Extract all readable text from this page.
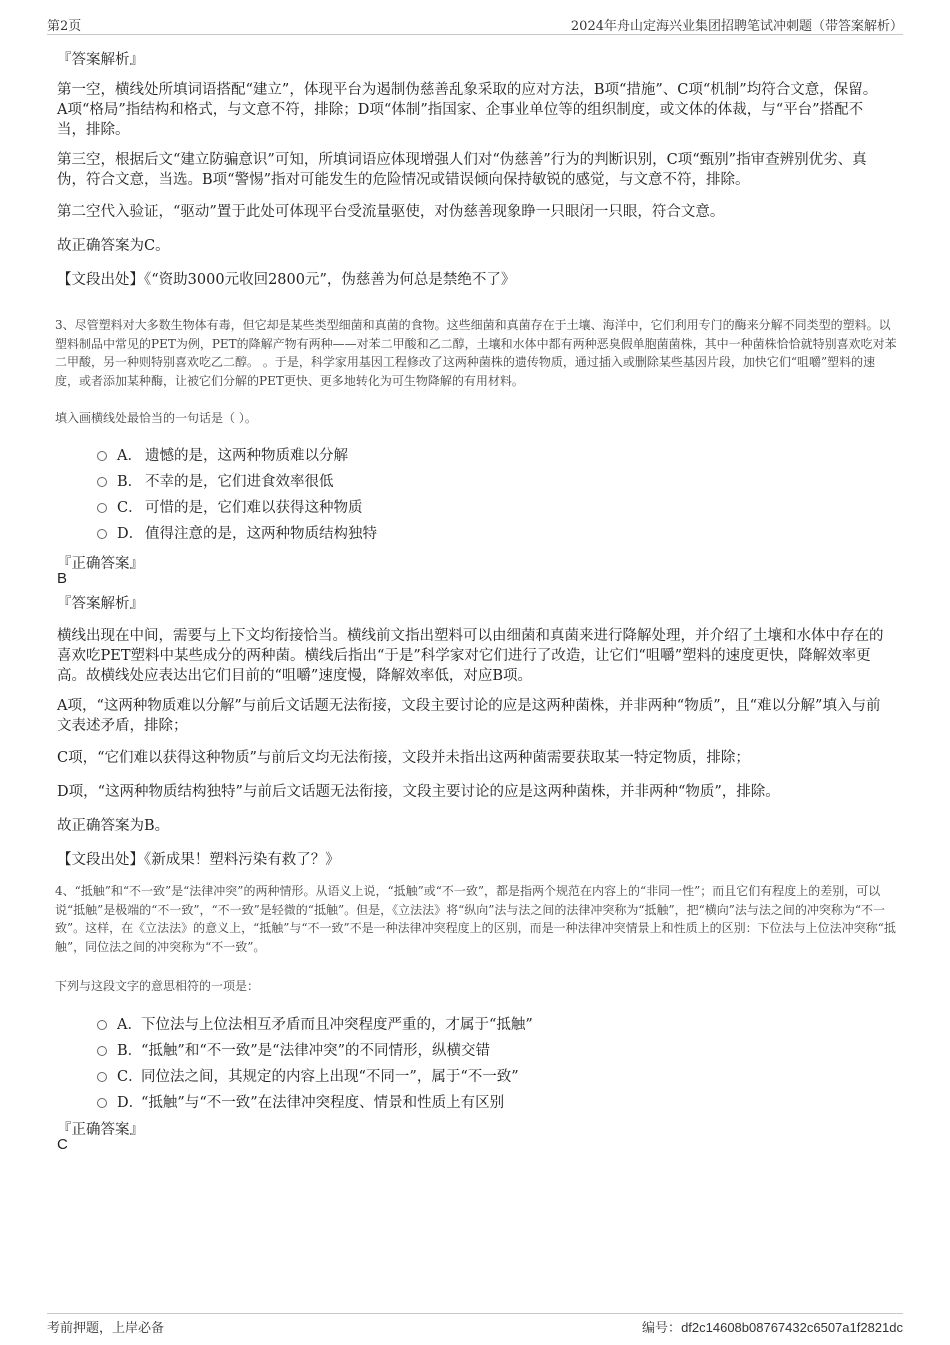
第2页	2024年舟山定海兴业集团招聘笔试冲刺题（带答案解析）
『答案解析』
第一空，横线处所填词语搭配“建立”，体现平台为遏制伪慈善乱象采取的应对方法，B项“措施”、C项“机制”均符合文意，保留。A项“格局”指结构和格式，与文意不符，排除；D项“体制”指国家、企事业单位等的组织制度，或文体的体裁，与“平台”搭配不当，排除。
第三空，根据后文“建立防骗意识”可知，所填词语应体现增强人们对“伪慈善”行为的判断识别，C项“甄别”指审查辨别优劣、真伪，符合文意，当选。B项“警惕”指对可能发生的危险情况或错误倾向保持敏锐的感觉，与文意不符，排除。
第二空代入验证，“驱动”置于此处可体现平台受流量驱使，对伪慈善现象睁一只眼闭一只眼，符合文意。
故正确答案为C。
【文段出处】《“资助3000元收回2800元”，伪慈善为何总是禁绝不了》
3、尽管塑料对大多数生物体有毒，但它却是某些类型细菌和真菌的食物。这些细菌和真菌存在于土壤、海洋中，它们利用专门的酶来分解不同类型的塑料。以塑料制品中常见的PET为例，PET的降解产物有两种——对苯二甲酸和乙二醇，土壤和水体中都有两种恶臭假单胞菌菌株，其中一种菌株恰恰就特别喜欢吃对苯二甲酸，另一种则特别喜欢吃乙二醇。 。于是，科学家用基因工程修改了这两种菌株的遗传物质，通过插入或删除某些基因片段，加快它们“咀嚼”塑料的速度，或者添加某种酶，让被它们分解的PET更快、更多地转化为可生物降解的有用材料。
填入画横线处最恰当的一句话是（ ）。
A． 遗憾的是，这两种物质难以分解
B． 不幸的是，它们进食效率很低
C． 可惜的是，它们难以获得这种物质
D． 值得注意的是，这两种物质结构独特
『正确答案』
B
『答案解析』
横线出现在中间，需要与上下文均衔接恰当。横线前文指出塑料可以由细菌和真菌来进行降解处理，并介绍了土壤和水体中存在的喜欢吃PET塑料中某些成分的两种菌。横线后指出“于是”科学家对它们进行了改造，让它们“咀嚼”塑料的速度更快，降解效率更高。故横线处应表达出它们目前的“咀嚼”速度慢，降解效率低，对应B项。
A项，“这两种物质难以分解”与前后文话题无法衔接，文段主要讨论的应是这两种菌株，并非两种“物质”，且“难以分解”填入与前文表述矛盾，排除；
C项，“它们难以获得这种物质”与前后文均无法衔接，文段并未指出这两种菌需要获取某一特定物质，排除；
D项，“这两种物质结构独特”与前后文话题无法衔接，文段主要讨论的应是这两种菌株，并非两种“物质”，排除。
故正确答案为B。
【文段出处】《新成果！塑料污染有救了？》
4、“抵触”和“不一致”是“法律冲突”的两种情形。从语义上说，“抵触”或“不一致”，都是指两个规范在内容上的“非同一性”；而且它们有程度上的差别，可以说“抵触”是极端的“不一致”，“不一致”是轻微的“抵触”。但是，《立法法》将“纵向”法与法之间的法律冲突称为“抵触”，把“横向”法与法之间的冲突称为“不一致”。这样，在《立法法》的意义上，“抵触”与“不一致”不是一种法律冲突程度上的区别，而是一种法律冲突情景上和性质上的区别：下位法与上位法冲突称“抵触”，同位法之间的冲突称为“不一致”。
下列与这段文字的意思相符的一项是：
A． 下位法与上位法相互矛盾而且冲突程度严重的，才属于“抵触”
B．
“抵触”和“不一致”是“法律冲突”的不同情形，纵横交错
C．
同位法之间，其规定的内容上出现“不同一”，属于“不一致”
D．
“抵触”与“不一致”在法律冲突程度、情景和性质上有区别
『正确答案』
C
考前押题，上岸必备	编号：df2c14608b08767432c6507a1f2821dc
